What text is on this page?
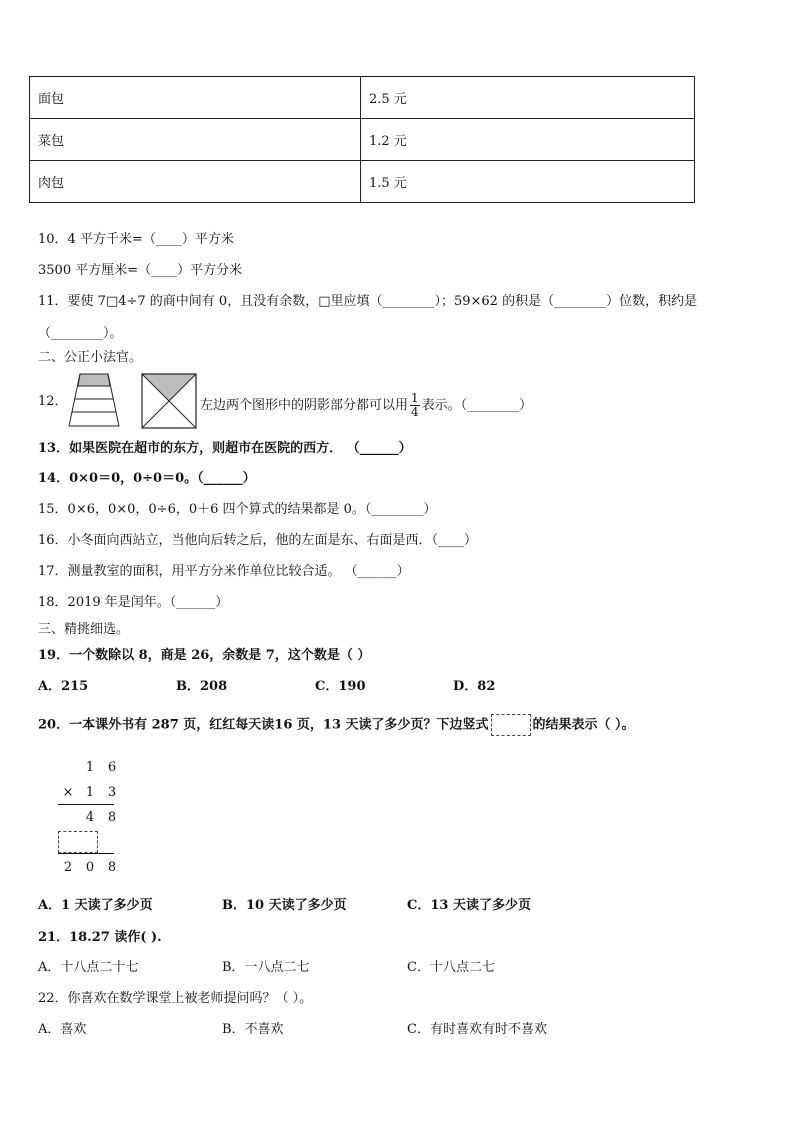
面包	2.5 元
菜包	1.2 元
肉包	1.5 元
10．4 平方千米=（____）平方米
3500 平方厘米=（____）平方分米
11．要使 7□4÷7 的商中间有 0，且没有余数，□里应填（________）；59×62 的积是（________）位数，积约是
（________）。
二、公正小法官。
12．	左边两个图形中的阴影部分都可以用 $\frac{1}{4}$ 表示。（________）
13．如果医院在超市的东方，则超市在医院的西方． （______）
14．0×0＝0，0÷0＝0。（______）
15．0×6，0×0，0÷6，0＋6 四个算式的结果都是 0。（________）
16．小冬面向西站立，当他向后转之后，他的左面是东、右面是西．（____）
17．测量教室的面积，用平方分米作单位比较合适。 （______）
18．2019 年是闰年。（______）
三、精挑细选。
19．一个数除以 8，商是 26，余数是 7，这个数是（ ）
A．215	B．208	C．190	D．82
20．一本课外书有 287 页，红红每天读16 页，13 天读了多少页？下边竖式	的结果表示（ ）。
1	6
× 1	3
4	8
2	0	8
A．1 天读了多少页	B．10 天读了多少页	C．13 天读了多少页
21．18.27 读作( ).
A．十八点二十七	B．一八点二七	C．十八点二七
22．你喜欢在数学课堂上被老师提问吗？（ ）。
A．喜欢	B．不喜欢	C．有时喜欢有时不喜欢
